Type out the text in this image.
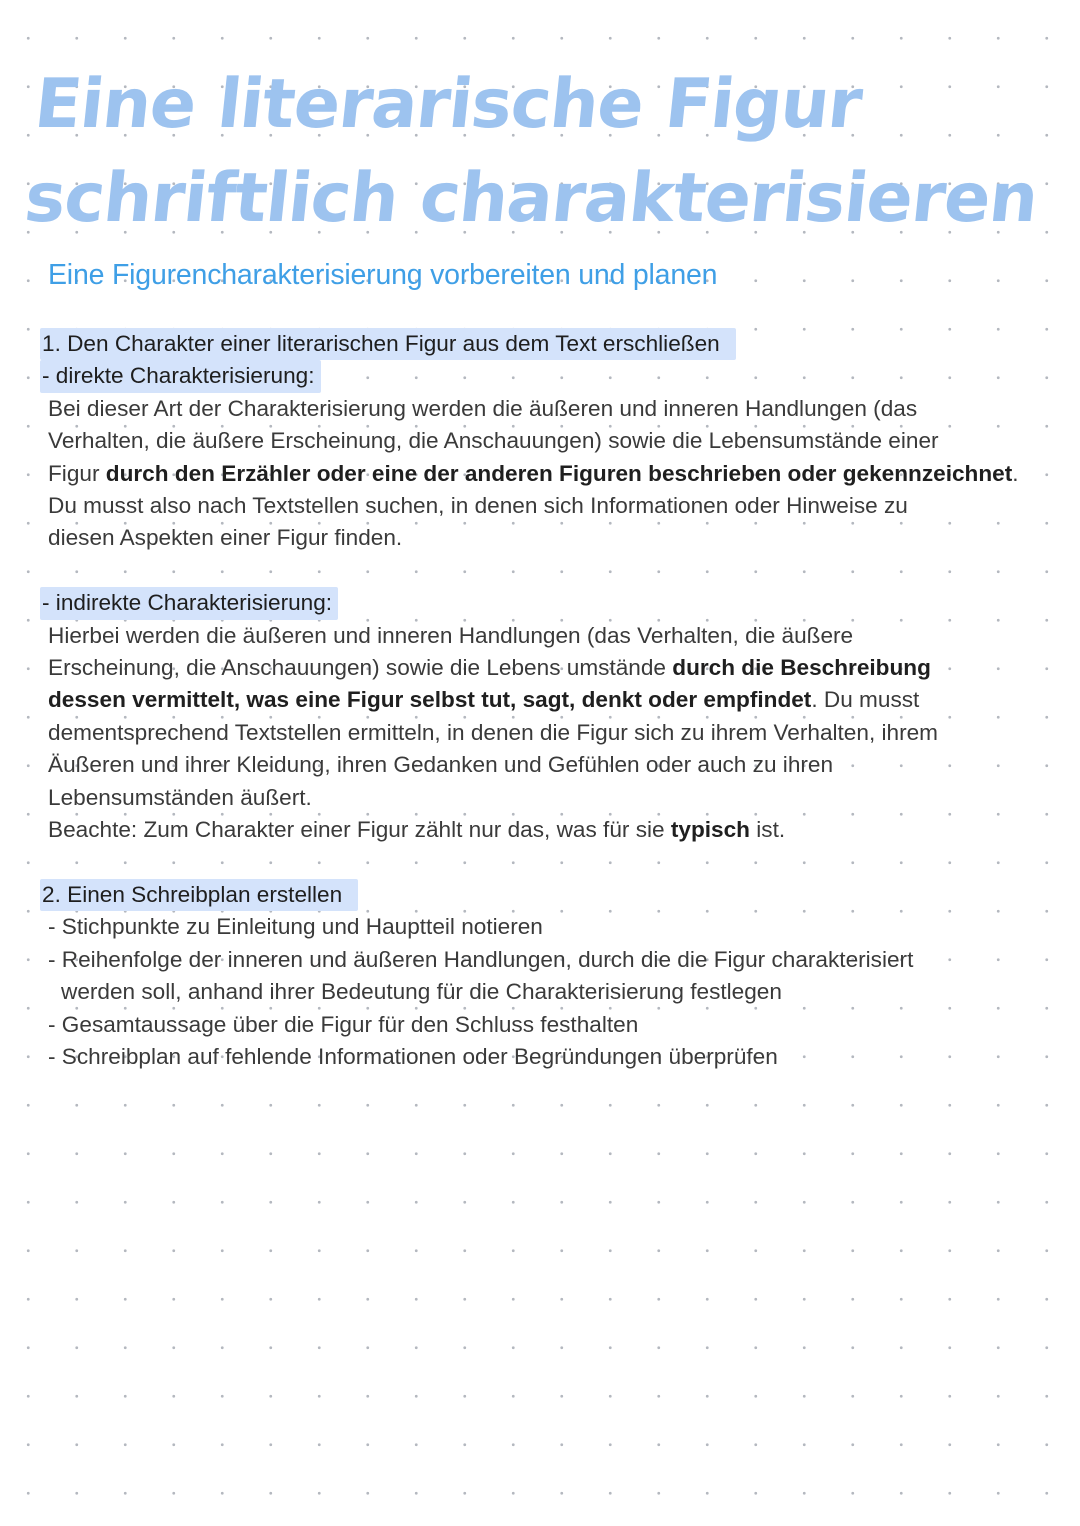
Eine literarische Figur schriftlich charakterisieren
Eine Figurencharakterisierung vorbereiten und planen
1. Den Charakter einer literarischen Figur aus dem Text erschließen
- direkte Charakterisierung:
Bei dieser Art der Charakterisierung werden die äußeren und inneren Handlungen (das
Verhalten, die äußere Erscheinung, die Anschauungen) sowie die Lebensumstände einer
Figur durch den Erzähler oder eine der anderen Figuren beschrieben oder gekennzeichnet.
Du musst also nach Textstellen suchen, in denen sich Informationen oder Hinweise zu
diesen Aspekten einer Figur finden.
- indirekte Charakterisierung:
Hierbei werden die äußeren und inneren Handlungen (das Verhalten, die äußere
Erscheinung, die Anschauungen) sowie die Lebens umstände durch die Beschreibung
dessen vermittelt, was eine Figur selbst tut, sagt, denkt oder empfindet. Du musst
dementsprechend Textstellen ermitteln, in denen die Figur sich zu ihrem Verhalten, ihrem
Äußeren und ihrer Kleidung, ihren Gedanken und Gefühlen oder auch zu ihren
Lebensumständen äußert.
Beachte: Zum Charakter einer Figur zählt nur das, was für sie typisch ist.
2. Einen Schreibplan erstellen
- Stichpunkte zu Einleitung und Hauptteil notieren
- Reihenfolge der inneren und äußeren Handlungen, durch die die Figur charakterisiert
werden soll, anhand ihrer Bedeutung für die Charakterisierung festlegen
- Gesamtaussage über die Figur für den Schluss festhalten
- Schreibplan auf fehlende Informationen oder Begründungen überprüfen
